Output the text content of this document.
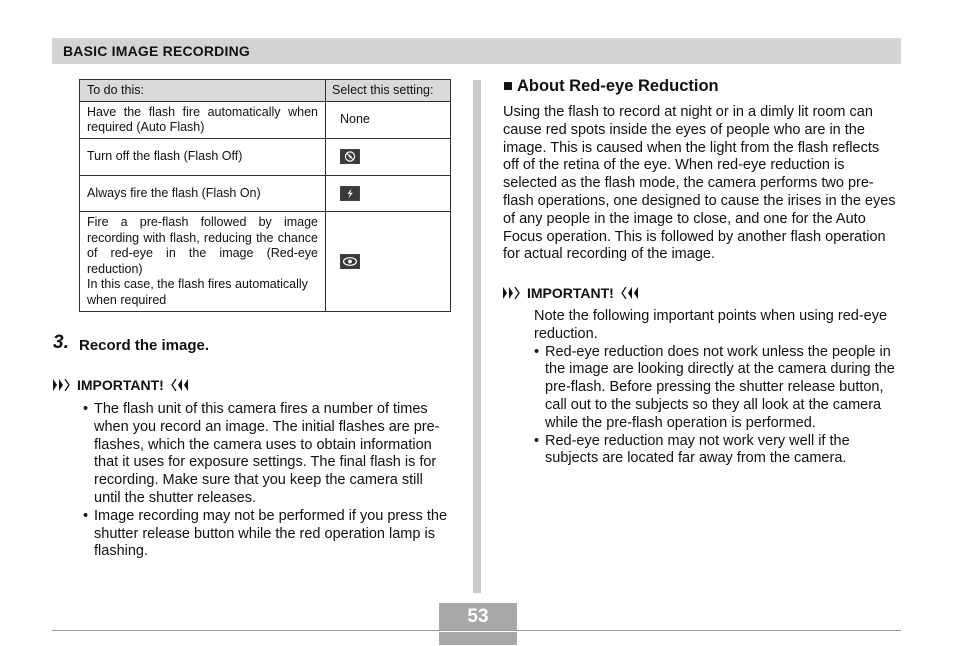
BASIC IMAGE RECORDING
To do this:	Select this setting:
Have the flash fire automatically when required (Auto Flash)	None
Turn off the flash (Flash Off)	

Always fire the flash (Flash On)	

Fire a pre-flash followed by image recording with flash, reducing the chance of red-eye in the image (Red-eye reduction)
In this case, the flash fires automatically when required

3. Record the image.
IMPORTANT!
• The flash unit of this camera fires a number of times when you record an image. The initial flashes are pre-flashes, which the camera uses to obtain information that it uses for exposure settings. The final flash is for recording. Make sure that you keep the camera still until the shutter releases.
• Image recording may not be performed if you press the shutter release button while the red operation lamp is flashing.
■ About Red-eye Reduction
Using the flash to record at night or in a dimly lit room can cause red spots inside the eyes of people who are in the image. This is caused when the light from the flash reflects off of the retina of the eye. When red-eye reduction is selected as the flash mode, the camera performs two pre-flash operations, one designed to cause the irises in the eyes of any people in the image to close, and one for the Auto Focus operation. This is followed by another flash operation for actual recording of the image.
IMPORTANT!
Note the following important points when using red-eye reduction.
• Red-eye reduction does not work unless the people in the image are looking directly at the camera during the pre-flash. Before pressing the shutter release button, call out to the subjects so they all look at the camera while the pre-flash operation is performed.
• Red-eye reduction may not work very well if the subjects are located far away from the camera.
53
